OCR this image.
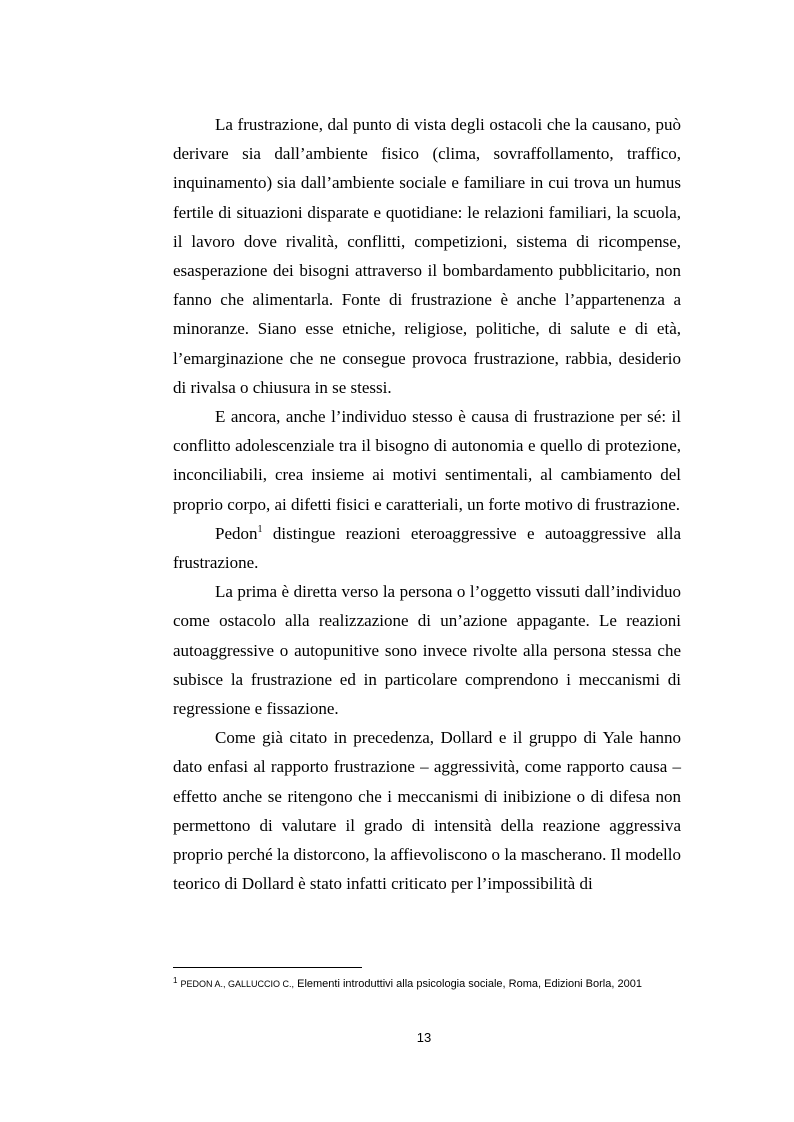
La frustrazione, dal punto di vista degli ostacoli che la causano, può derivare sia dall’ambiente fisico (clima, sovraffollamento, traffico, inquinamento) sia dall’ambiente sociale e familiare in cui trova un humus fertile di situazioni disparate e quotidiane: le relazioni familiari, la scuola, il lavoro dove rivalità, conflitti, competizioni, sistema di ricompense, esasperazione dei bisogni attraverso il bombardamento pubblicitario, non fanno che alimentarla. Fonte di frustrazione è anche l’appartenenza a minoranze. Siano esse etniche, religiose, politiche, di salute e di età, l’emarginazione che ne consegue provoca frustrazione, rabbia, desiderio di rivalsa o chiusura in se stessi.

E ancora, anche l’individuo stesso è causa di frustrazione per sé: il conflitto adolescenziale tra il bisogno di autonomia e quello di protezione, inconciliabili, crea insieme ai motivi sentimentali, al cambiamento del proprio corpo, ai difetti fisici e caratteriali, un forte motivo di frustrazione.

Pedon$^1$ distingue reazioni eteroaggressive e autoaggressive alla frustrazione.

La prima è diretta verso la persona o l’oggetto vissuti dall’individuo come ostacolo alla realizzazione di un’azione appagante. Le reazioni autoaggressive o autopunitive sono invece rivolte alla persona stessa che subisce la frustrazione ed in particolare comprendono i meccanismi di regressione e fissazione.

Come già citato in precedenza, Dollard e il gruppo di Yale hanno dato enfasi al rapporto frustrazione – aggressività, come rapporto causa – effetto anche se ritengono che i meccanismi di inibizione o di difesa non permettono di valutare il grado di intensità della reazione aggressiva proprio perché la distorcono, la affievoliscono o la mascherano. Il modello teorico di Dollard è stato infatti criticato per l’impossibilità di

$^1$ PEDON A., GALLUCCIO C., Elementi introduttivi alla psicologia sociale, Roma, Edizioni Borla, 2001
13
